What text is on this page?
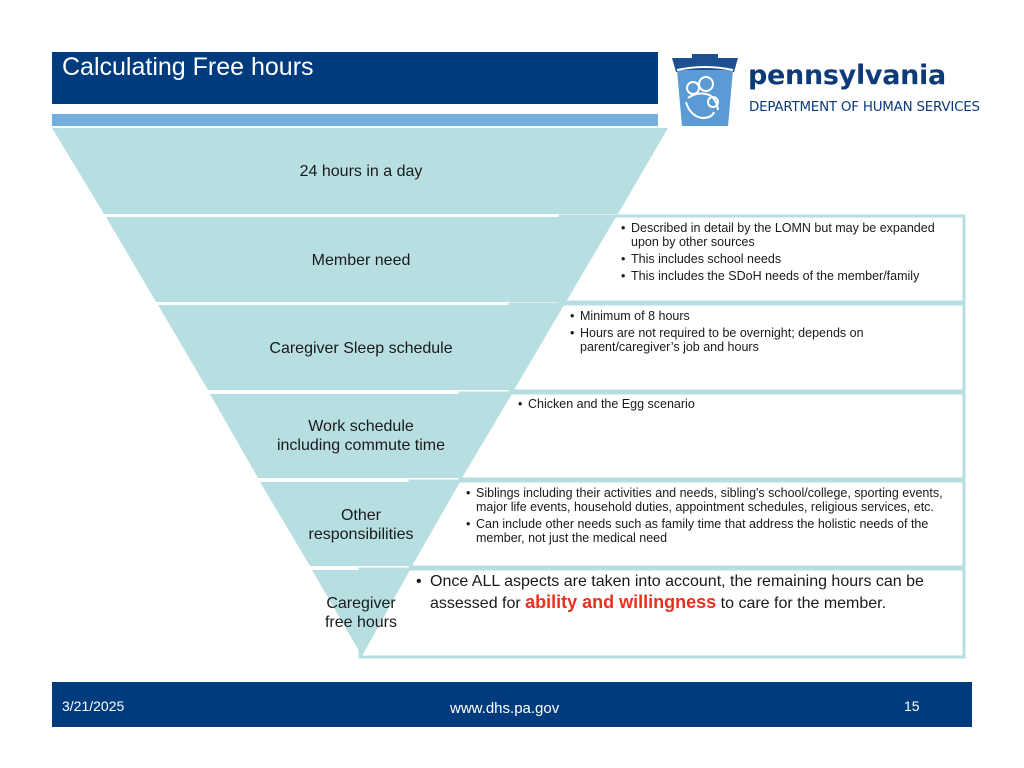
Calculating Free hours	pennsylvania
DEPARTMENT OF HUMAN SERVICES
24 hours in a day
Member need
Caregiver Sleep schedule
Work schedule
including commute time
Other
responsibilities
Caregiver
free hours
• Described in detail by the LOMN but may be expanded upon by other sources
• This includes school needs
• This includes the SDoH needs of the member/family
• Minimum of 8 hours
• Hours are not required to be overnight; depends on parent/caregiver’s job and hours
• Chicken and the Egg scenario
• Siblings including their activities and needs, sibling's school/college, sporting events, major life events, household duties, appointment schedules, religious services, etc.
• Can include other needs such as family time that address the holistic needs of the member, not just the medical need
• Once ALL aspects are taken into account, the remaining hours can be assessed for ability and willingness to care for the member.
3/21/2025	www.dhs.pa.gov	15
